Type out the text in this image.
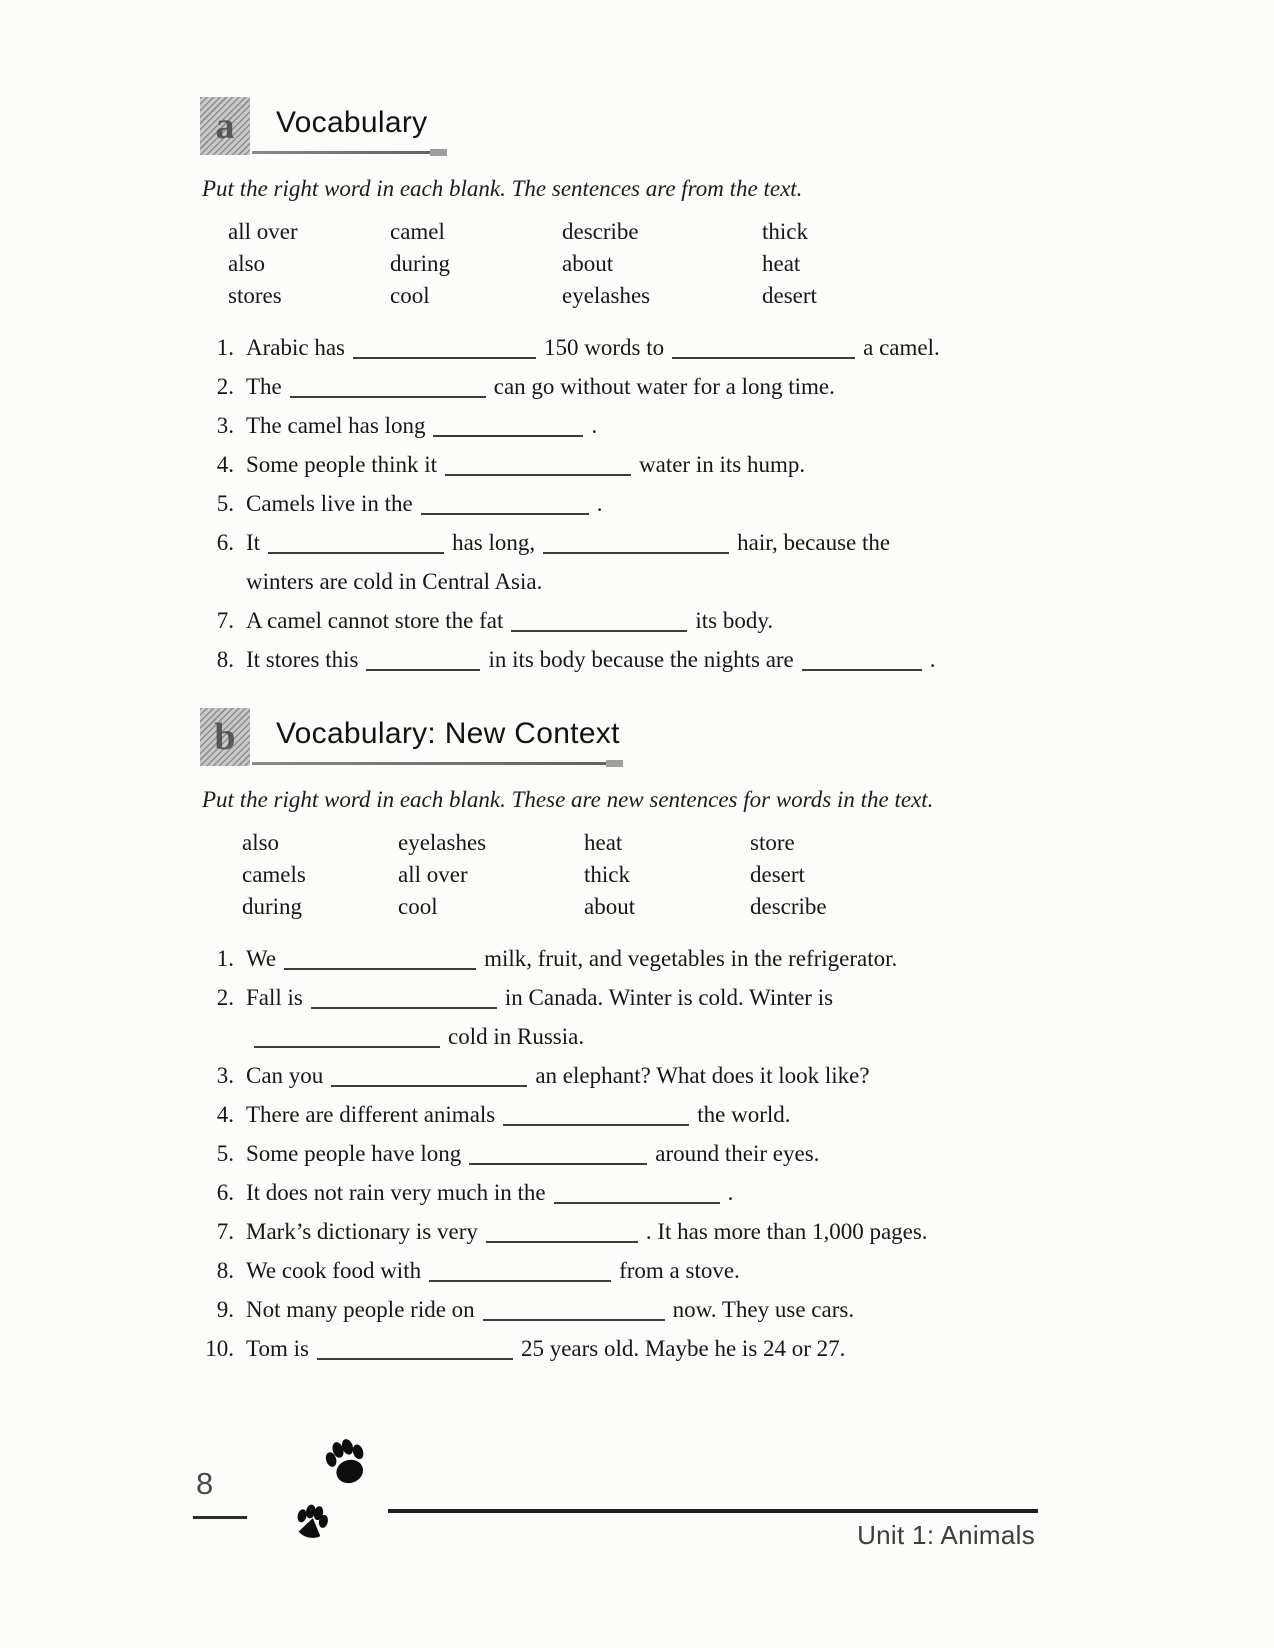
a Vocabulary
Put the right word in each blank. The sentences are from the text.
all over	camel	describe	thick
also	during	about	heat
stores	cool	eyelashes	desert
1. Arabic has	150 words to	a camel.
2. The	can go without water for a long time.
3. The camel has long	.
4. Some people think it	water in its hump.
5. Camels live in the	.
6. It	has long,	hair, because the
winters are cold in Central Asia.
7. A camel cannot store the fat	its body.
8. It stores this	in its body because the nights are	.
b Vocabulary: New Context
Put the right word in each blank. These are new sentences for words in the text.
also	eyelashes	heat	store
camels	all over	thick	desert
during	cool	about	describe
1. We	milk, fruit, and vegetables in the refrigerator.
2. Fall is	in Canada. Winter is cold. Winter is
cold in Russia.
3. Can you	an elephant? What does it look like?
4. There are different animals	the world.
5. Some people have long	around their eyes.
6. It does not rain very much in the	.
7. Mark’s dictionary is very	. It has more than 1,000 pages.
8. We cook food with	from a stove.
9. Not many people ride on	now. They use cars.
10. Tom is	25 years old. Maybe he is 24 or 27.
8
Unit 1: Animals
